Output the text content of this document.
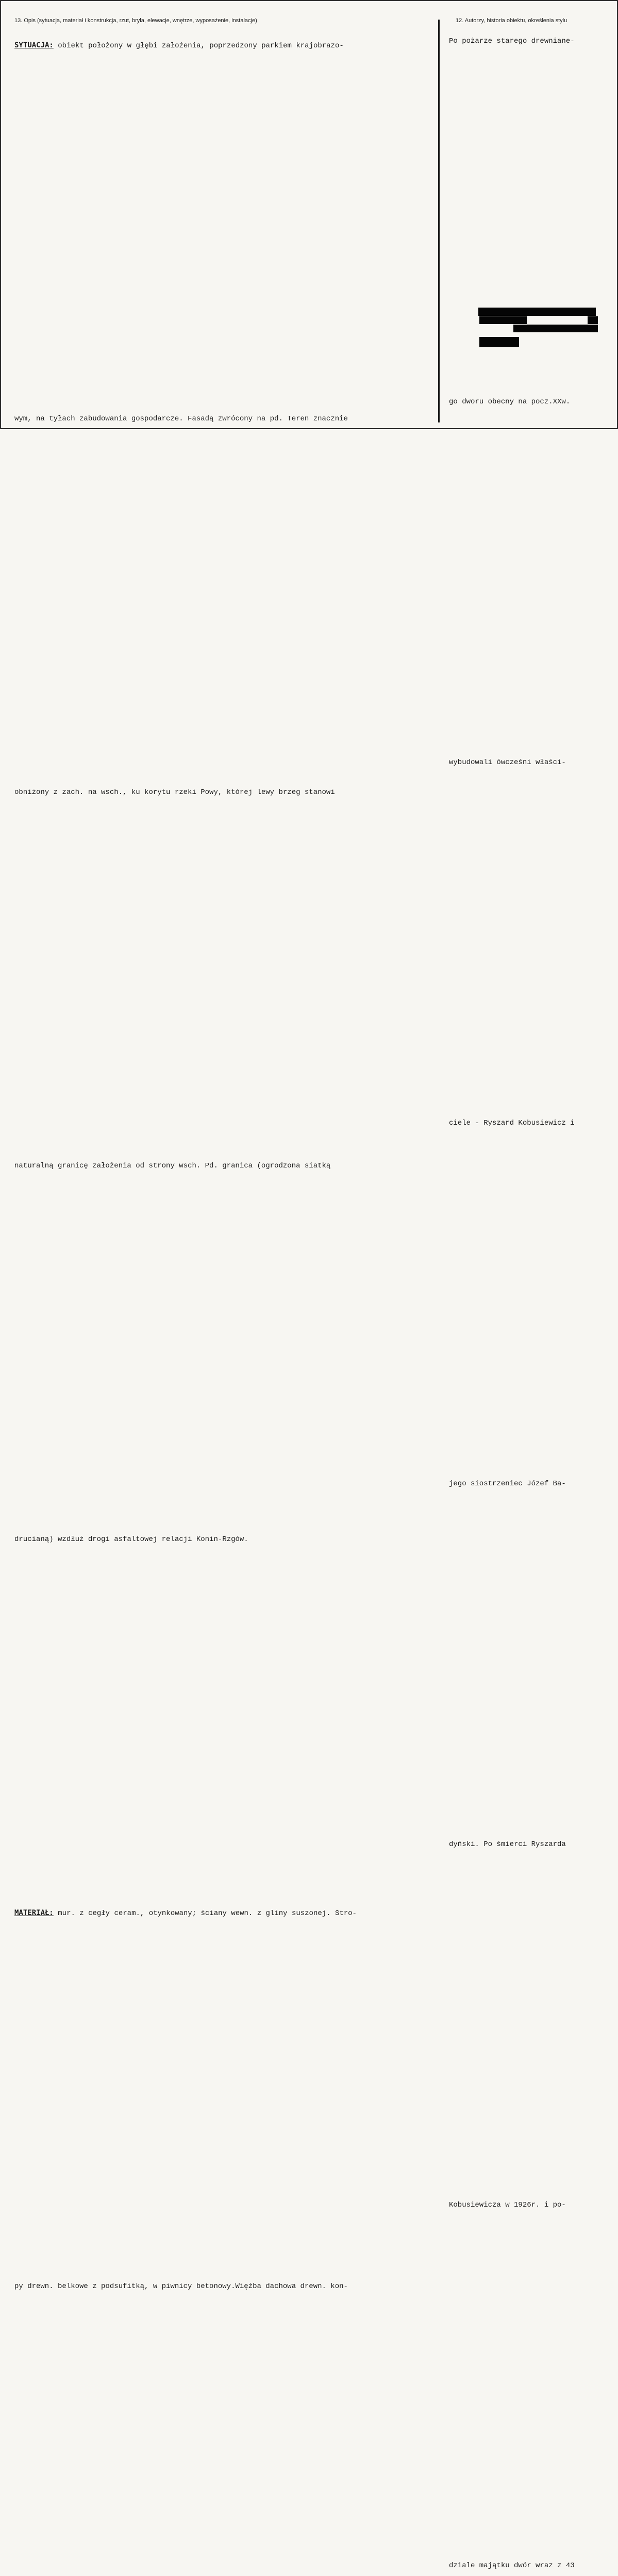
13. Opis (sytuacja, materiał i konstrukcja, rzut, bryła, elewacje, wnętrze, wyposażenie, instalacje)	12. Autorzy, historia obiektu, określenia stylu
SYTUACJA: obiekt położony w głębi założenia, poprzedzony parkiem krajobrazo-
wym, na tyłach zabudowania gospodarcze. Fasadą zwrócony na pd. Teren znacznie
obniżony z zach. na wsch., ku korytu rzeki Powy, której lewy brzeg stanowi
naturalną granicę założenia od strony wsch. Pd. granica (ogrodzona siatką
drucianą) wzdłuż drogi asfaltowej relacji Konin-Rzgów.
MATERIAŁ: mur. z cegły ceram., otynkowany; ściany wewn. z gliny suszonej. Stro-
py drewn. belkowe z podsufitką, w piwnicy betonowy.Więźba dachowa drewn. kon-

Po pożarze starego drewniane-
go dworu obecny na pocz.XXw.
wybudowali ówcześni właści-
ciele - Ryszard Kobusiewicz i
jego siostrzeniec Józef Ba-
dyński. Po śmierci Ryszarda
Kobusiewicza w 1926r. i po-
dziale majątku dwór wraz z 43
